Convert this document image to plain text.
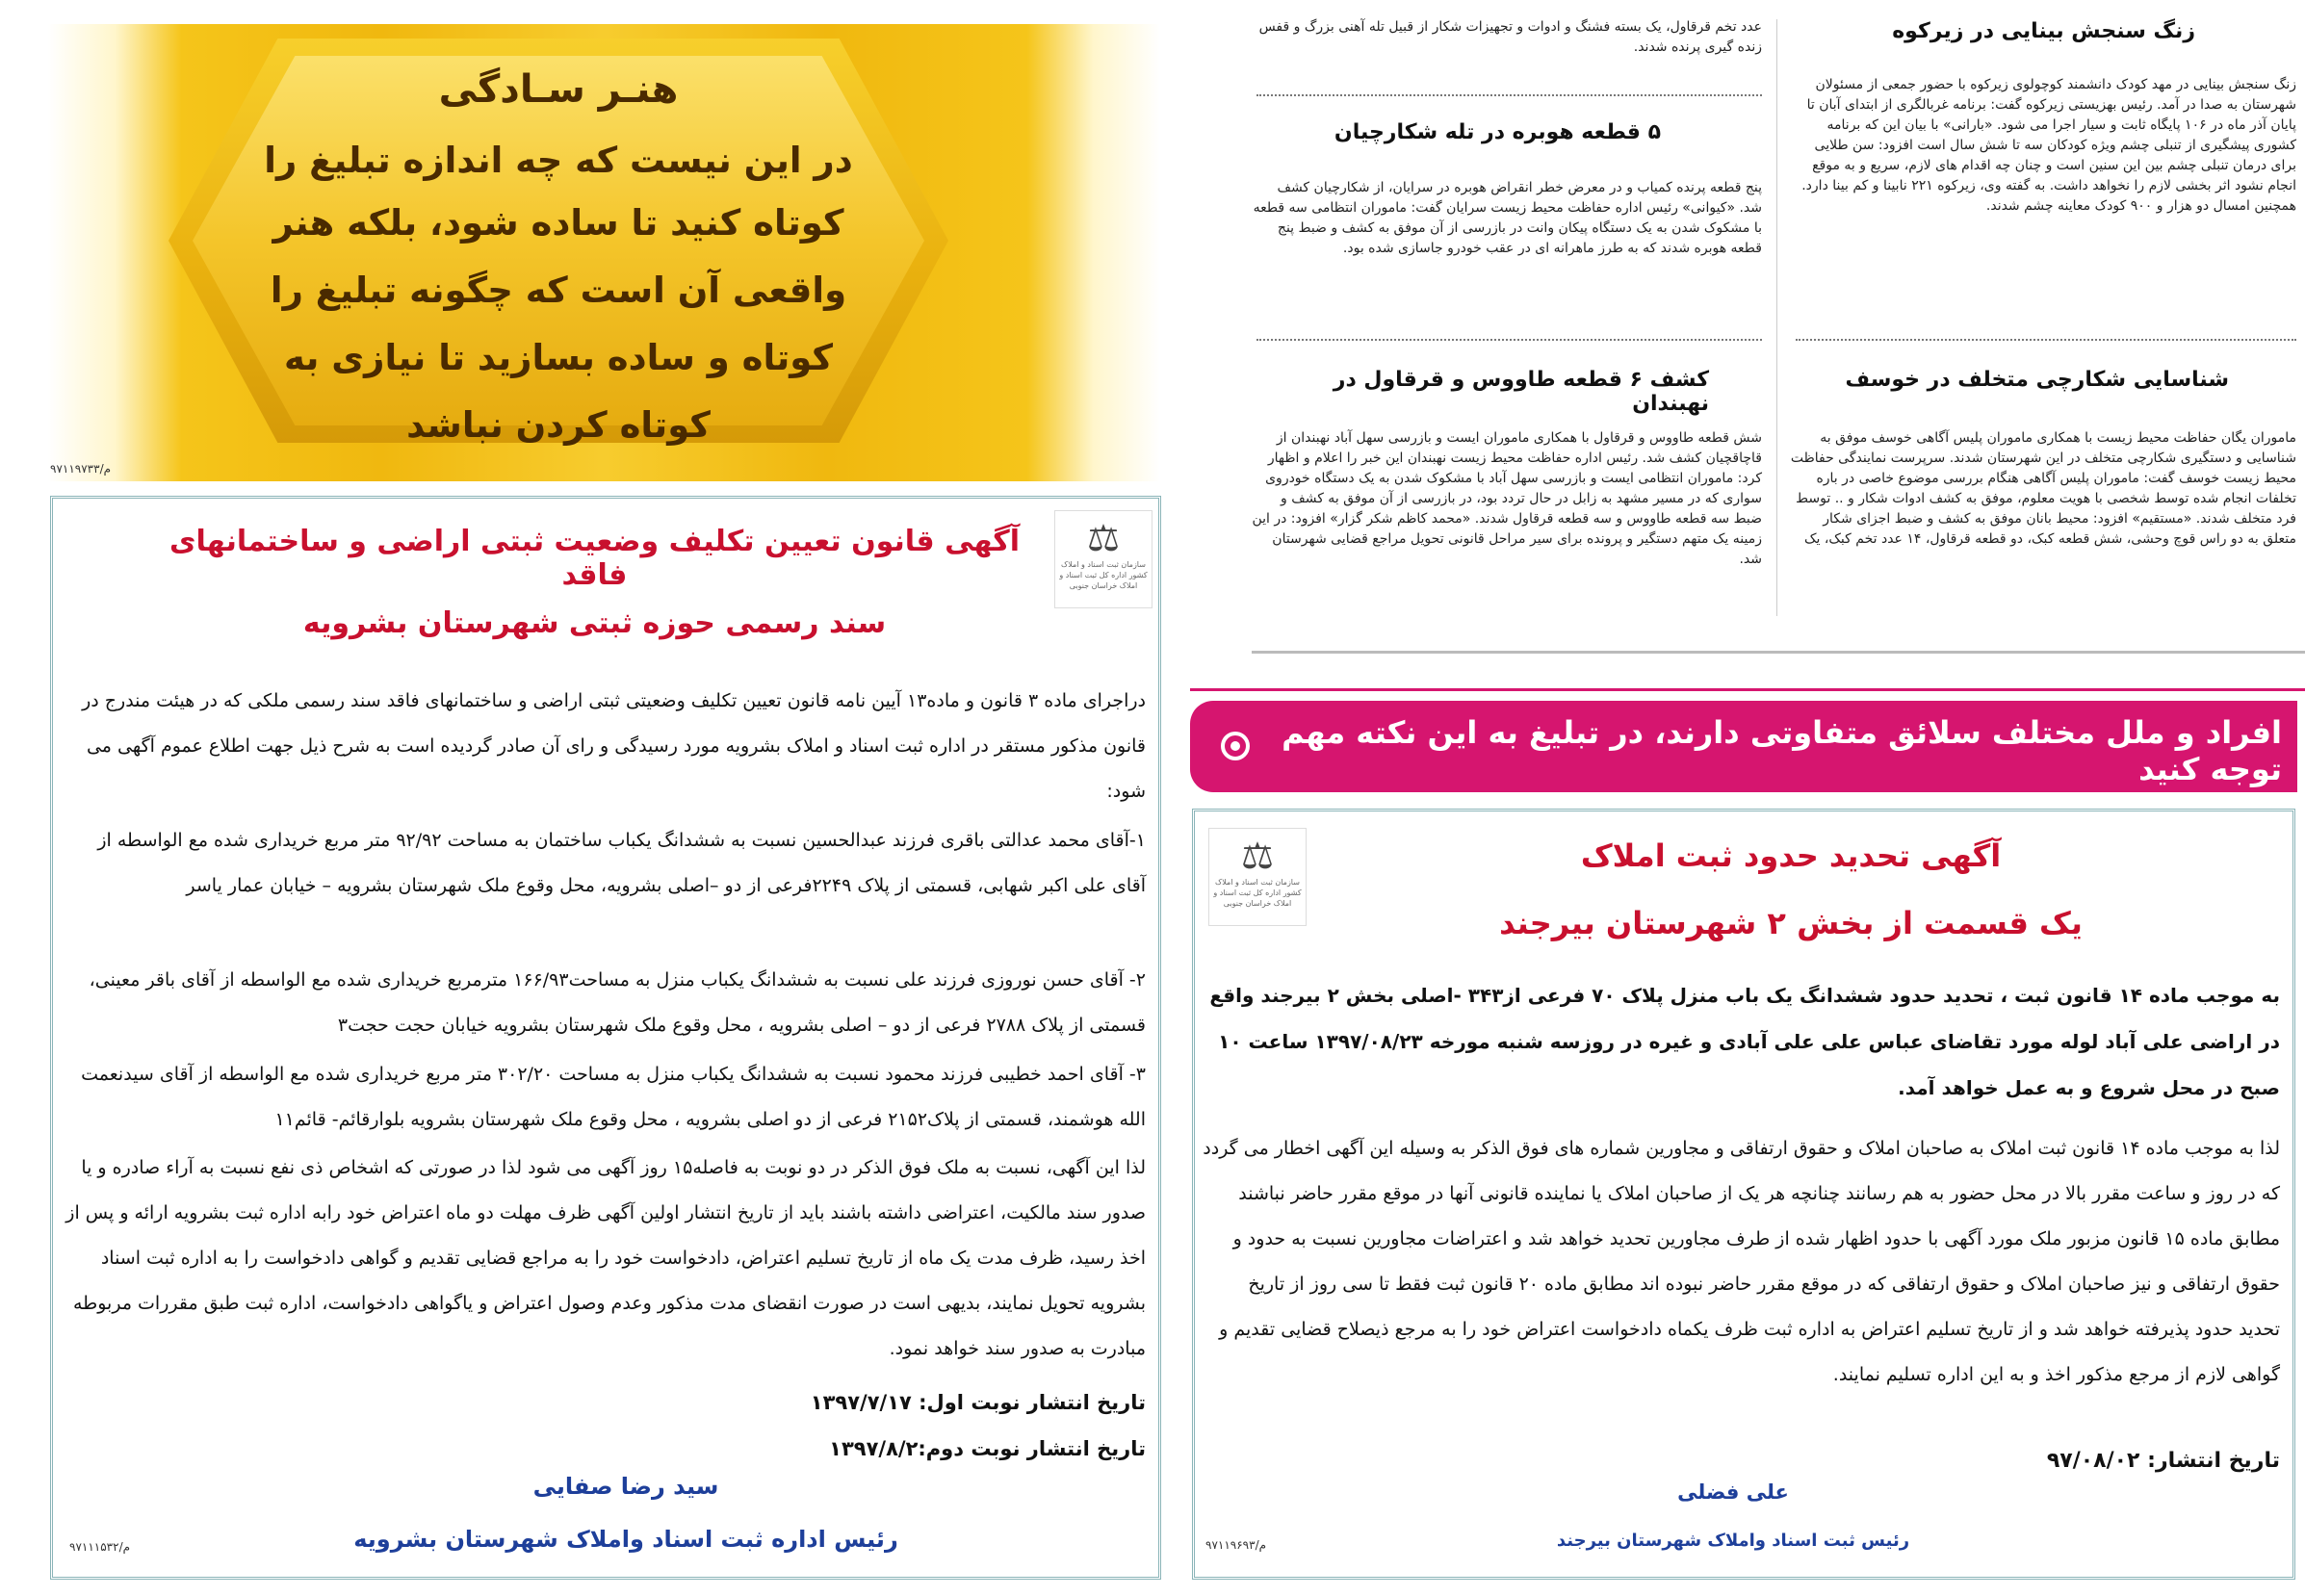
هنـر سـادگی
در این نیست که چه اندازه تبلیغ را
کوتاه کنید تا ساده شود، بلکه هنر
واقعی آن است که چگونه تبلیغ را
کوتاه و ساده بسازید تا نیازی به
کوتاه کردن نباشد
م/۹۷۱۱۹۷۳۳
⚖
سازمان ثبت اسناد و املاک کشور اداره کل ثبت اسناد و املاک خراسان جنوبی
آگهی قانون تعیین تکلیف وضعیت ثبتی اراضی و ساختمانهای فاقد
سند رسمی حوزه ثبتی شهرستان بشرویه
دراجرای ماده ۳ قانون و ماده۱۳ آیین نامه قانون تعیین تکلیف وضعیتی ثبتی اراضی و ساختمانهای فاقد سند رسمی ملکی که در هیئت مندرج در قانون مذکور مستقر در اداره ثبت اسناد و املاک بشرویه مورد رسیدگی و رای آن صادر گردیده است به شرح ذیل جهت اطلاع عموم آگهی می شود:
۱-آقای محمد عدالتی باقری فرزند عبدالحسین نسبت به ششدانگ یکباب ساختمان به مساحت ۹۲/۹۲ متر مربع خریداری شده مع الواسطه از آقای علی اکبر شهابی، قسمتی از پلاک ۲۲۴۹فرعی از دو –اصلی بشرویه، محل وقوع ملک شهرستان بشرویه – خیابان عمار یاسر
۲- آقای حسن نوروزی فرزند علی نسبت به ششدانگ یکباب منزل به مساحت۱۶۶/۹۳ مترمربع خریداری شده مع الواسطه از آقای باقر معینی، قسمتی از پلاک ۲۷۸۸ فرعی از دو – اصلی بشرویه ، محل وقوع ملک شهرستان بشرویه خیابان حجت حجت۳
۳- آقای احمد خطیبی فرزند محمود نسبت به ششدانگ یکباب منزل به مساحت ۳۰۲/۲۰ متر مربع خریداری شده مع الواسطه از آقای سیدنعمت الله هوشمند، قسمتی از پلاک۲۱۵۲ فرعی از دو اصلی بشرویه ، محل وقوع ملک شهرستان بشرویه بلوارقائم- قائم۱۱
لذا این آگهی، نسبت به ملک فوق الذکر در دو نوبت به فاصله۱۵ روز آگهی می شود لذا در صورتی که اشخاص ذی نفع نسبت به آراء صادره و یا صدور سند مالکیت، اعتراضی داشته باشند باید از تاریخ انتشار اولین آگهی ظرف مهلت دو ماه اعتراض خود رابه اداره ثبت بشرویه ارائه و پس از اخذ رسید، ظرف مدت یک ماه از تاریخ تسلیم اعتراض، دادخواست خود را به مراجع قضایی تقدیم و گواهی دادخواست را به اداره ثبت اسناد بشرویه تحویل نمایند، بدیهی است در صورت انقضای مدت مذکور وعدم وصول اعتراض و یاگواهی دادخواست، اداره ثبت طبق مقررات مربوطه مبادرت به صدور سند خواهد نمود.
تاریخ انتشار نوبت اول: ۱۳۹۷/۷/۱۷
تاریخ انتشار نوبت دوم:۱۳۹۷/۸/۲
سید رضا صفایی
رئیس اداره ثبت اسناد واملاک شهرستان بشرویه
م/۹۷۱۱۱۵۳۲
عدد تخم قرقاول، یک بسته فشنگ و ادوات و تجهیزات شکار از قبیل تله آهنی بزرگ و قفس زنده گیری پرنده شدند.
زنگ سنجش بینایی در زیرکوه
زنگ سنجش بینایی در مهد کودک دانشمند کوچولوی زیرکوه با حضور جمعی از مسئولان شهرستان به صدا در آمد. رئیس بهزیستی زیرکوه گفت: برنامه غربالگری از ابتدای آبان تا پایان آذر ماه در ۱۰۶ پایگاه ثابت و سیار اجرا می شود. «بارانی» با بیان این که برنامه کشوری پیشگیری از تنبلی چشم ویژه کودکان سه تا شش سال است افزود: سن طلایی برای درمان تنبلی چشم بین این سنین است و چنان چه اقدام های لازم، سریع و به موقع انجام نشود اثر بخشی لازم را نخواهد داشت. به گفته وی، زیرکوه ۲۲۱ نابینا و کم بینا دارد. همچنین امسال دو هزار و ۹۰۰ کودک معاینه چشم شدند.
۵ قطعه هوبره در تله شکارچیان
پنج قطعه پرنده کمیاب و در معرض خطر انقراض هوبره در سرایان، از شکارچیان کشف شد. «کیوانی» رئیس اداره حفاظت محیط زیست سرایان گفت: ماموران انتظامی سه قطعه با مشکوک شدن به یک دستگاه پیکان وانت در بازرسی از آن موفق به کشف و ضبط پنج قطعه هوبره شدند که به طرز ماهرانه ای در عقب خودرو جاسازی شده بود.
شناسایی شکارچی متخلف در خوسف
ماموران یگان حفاظت محیط زیست با همکاری ماموران پلیس آگاهی خوسف موفق به شناسایی و دستگیری شکارچی متخلف در این شهرستان شدند. سرپرست نمایندگی حفاظت محیط زیست خوسف گفت: ماموران پلیس آگاهی هنگام بررسی موضوع خاصی در باره تخلفات انجام شده توسط شخصی با هویت معلوم، موفق به کشف ادوات شکار و .. توسط فرد متخلف شدند. «مستقیم» افزود: محیط بانان موفق به کشف و ضبط اجزای شکار متعلق به دو راس قوچ وحشی، شش قطعه کبک، دو قطعه قرقاول، ۱۴ عدد تخم کبک، یک
کشف ۶ قطعه طاووس و قرقاول در نهبندان
شش قطعه طاووس و قرقاول با همکاری ماموران ایست و بازرسی سهل آباد نهبندان از قاچاقچیان کشف شد. رئیس اداره حفاظت محیط زیست نهبندان این خبر را اعلام و اظهار کرد: ماموران انتظامی ایست و بازرسی سهل آباد با مشکوک شدن به یک دستگاه خودروی سواری که در مسیر مشهد به زابل در حال تردد بود، در بازرسی از آن موفق به کشف و ضبط سه قطعه طاووس و سه قطعه قرقاول شدند. «محمد کاظم شکر گزار» افزود: در این زمینه یک متهم دستگیر و پرونده برای سیر مراحل قانونی تحویل مراجع قضایی شهرستان شد.
افراد و ملل مختلف سلائق متفاوتی دارند، در تبلیغ به این نکته مهم توجه کنید
⚖
سازمان ثبت اسناد و املاک کشور اداره کل ثبت اسناد و املاک خراسان جنوبی
آگهی تحدید حدود ثبت املاک
یک قسمت از بخش ۲ شهرستان بیرجند
به موجب ماده ۱۴ قانون ثبت ، تحدید حدود ششدانگ یک باب منزل پلاک ۷۰ فرعی از۳۴۳ -اصلی بخش ۲ بیرجند واقع در اراضی علی آباد لوله مورد تقاضای عباس علی علی آبادی و غیره در روزسه شنبه مورخه ۱۳۹۷/۰۸/۲۳ ساعت ۱۰ صبح در محل شروع و به عمل خواهد آمد.
لذا به موجب ماده ۱۴ قانون ثبت املاک به صاحبان املاک و حقوق ارتفاقی و مجاورین شماره های فوق الذکر به وسیله این آگهی اخطار می گردد که در روز و ساعت مقرر بالا در محل حضور به هم رسانند چنانچه هر یک از صاحبان املاک یا نماینده قانونی آنها در موقع مقرر حاضر نباشند مطابق ماده ۱۵ قانون مزبور ملک مورد آگهی با حدود اظهار شده از طرف مجاورین تحدید خواهد شد و اعتراضات مجاورین نسبت به حدود و حقوق ارتفاقی و نیز صاحبان املاک و حقوق ارتفاقی که در موقع مقرر حاضر نبوده اند مطابق ماده ۲۰ قانون ثبت فقط تا سی روز از تاریخ تحدید حدود پذیرفته خواهد شد و از تاریخ تسلیم اعتراض به اداره ثبت ظرف یکماه دادخواست اعتراض خود را به مرجع ذیصلاح قضایی تقدیم و گواهی لازم از مرجع مذکور اخذ و به این اداره تسلیم نمایند.
تاریخ انتشار: ۹۷/۰۸/۰۲
علی فضلی
رئیس ثبت اسناد واملاک شهرستان بیرجند
م/۹۷۱۱۹۶۹۳
